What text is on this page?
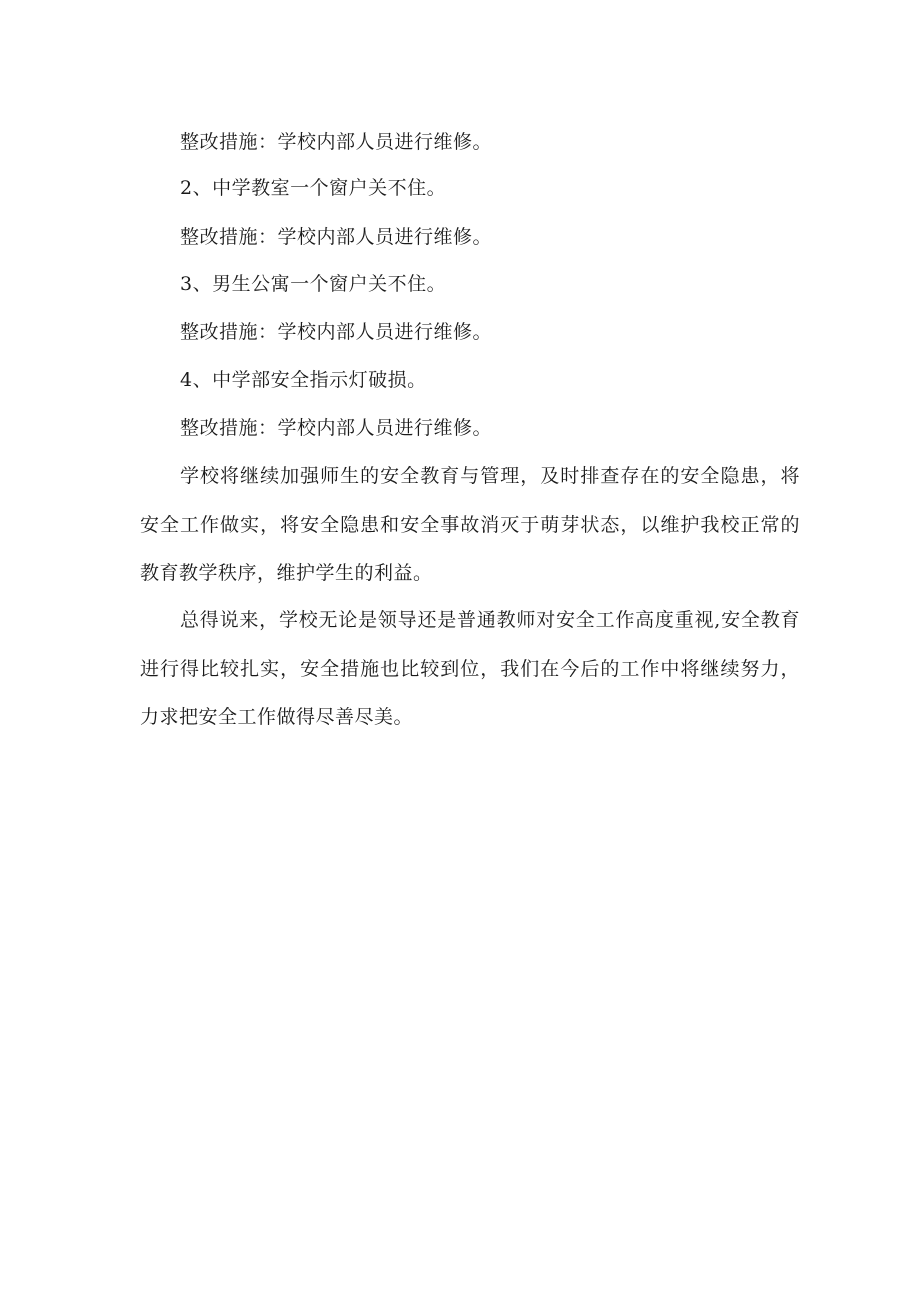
整改措施：学校内部人员进行维修。
2、中学教室一个窗户关不住。
整改措施：学校内部人员进行维修。
3、男生公寓一个窗户关不住。
整改措施：学校内部人员进行维修。
4、中学部安全指示灯破损。
整改措施：学校内部人员进行维修。
学校将继续加强师生的安全教育与管理，及时排查存在的安全隐患，将安全工作做实，将安全隐患和安全事故消灭于萌芽状态，以维护我校正常的教育教学秩序，维护学生的利益。
总得说来，学校无论是领导还是普通教师对安全工作高度重视,安全教育进行得比较扎实，安全措施也比较到位，我们在今后的工作中将继续努力，力求把安全工作做得尽善尽美。
